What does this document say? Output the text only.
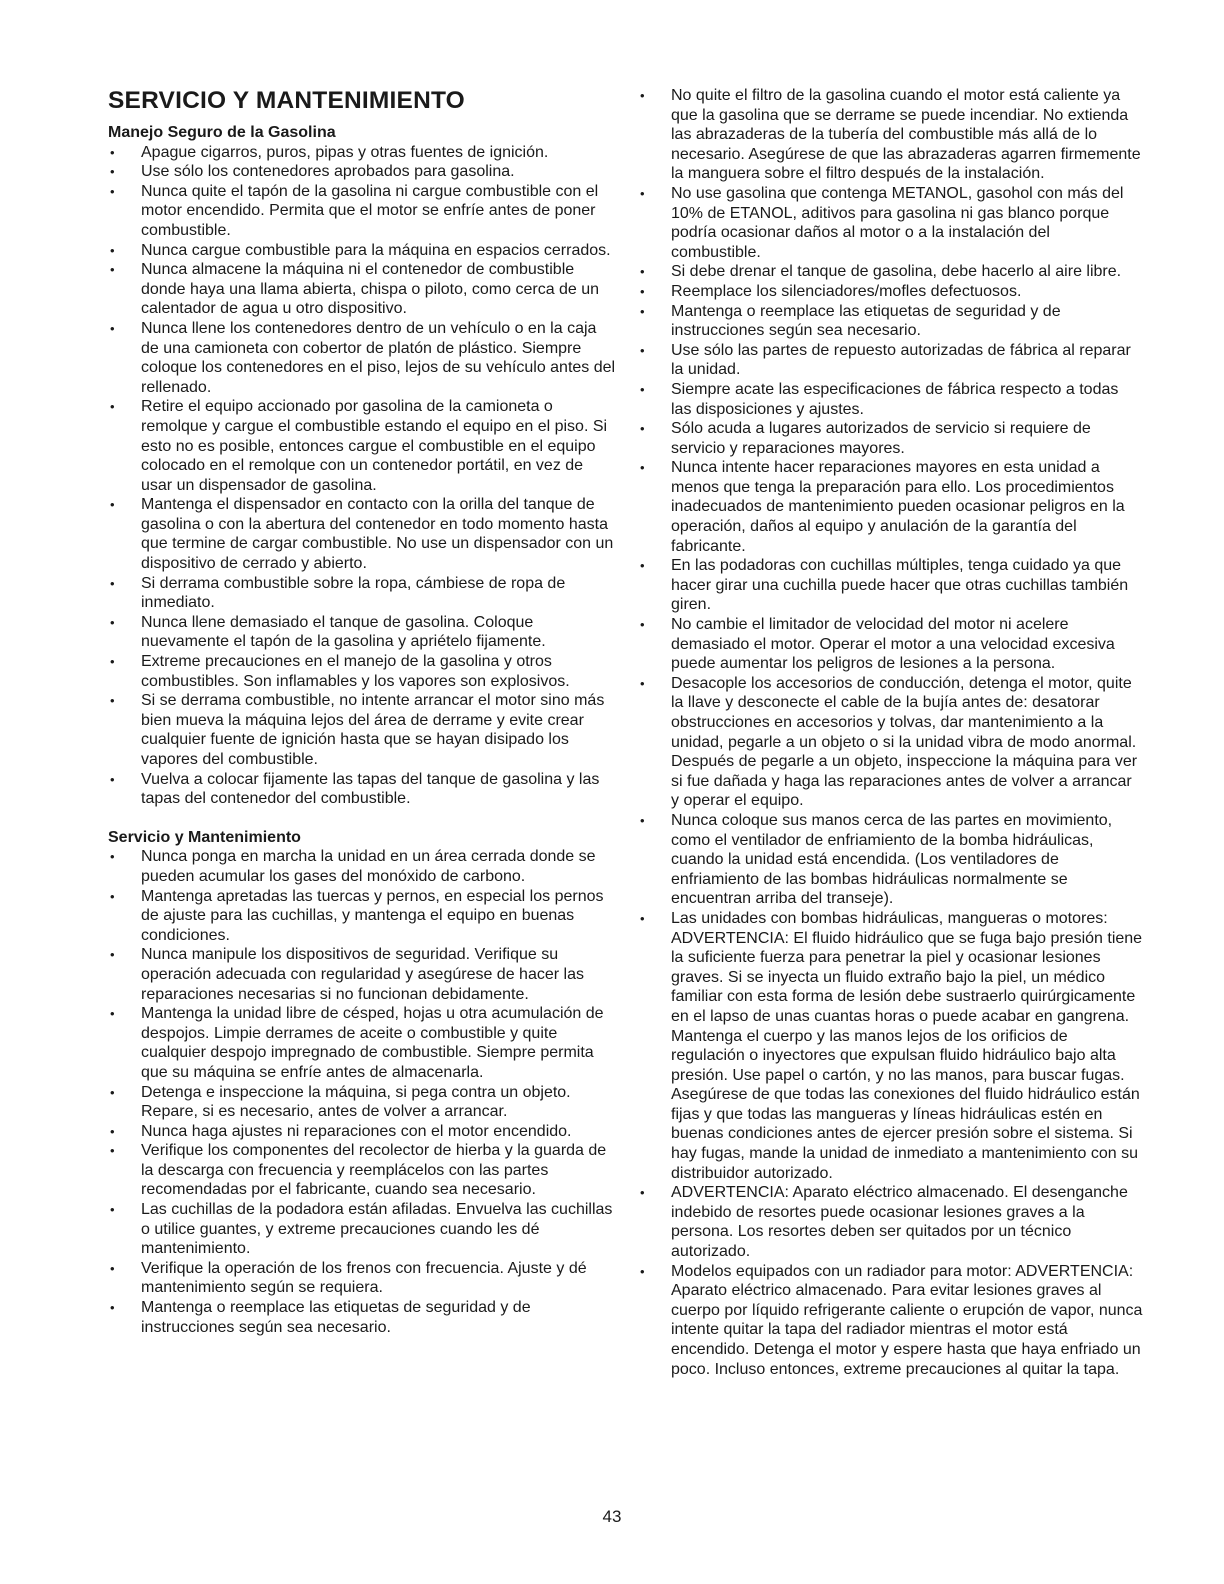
SERVICIO Y MANTENIMIENTO
Manejo Seguro de la Gasolina
• Apague cigarros, puros, pipas y otras fuentes de ignición.
• Use sólo los contenedores aprobados para gasolina.
• Nunca quite el tapón de la gasolina ni cargue combustible con el motor encendido. Permita que el motor se enfríe antes de poner combustible.
• Nunca cargue combustible para la máquina en espacios cerrados.
• Nunca almacene la máquina ni el contenedor de combustible donde haya una llama abierta, chispa o piloto, como cerca de un calentador de agua u otro dispositivo.
• Nunca llene los contenedores dentro de un vehículo o en la caja de una camioneta con cobertor de platón de plástico. Siempre coloque los contenedores en el piso, lejos de su vehículo antes del rellenado.
• Retire el equipo accionado por gasolina de la camioneta o remolque y cargue el combustible estando el equipo en el piso. Si esto no es posible, entonces cargue el combustible en el equipo colocado en el remolque con un contenedor portátil, en vez de usar un dispensador de gasolina.
• Mantenga el dispensador en contacto con la orilla del tanque de gasolina o con la abertura del contenedor en todo momento hasta que termine de cargar combustible. No use un dispensador con un dispositivo de cerrado y abierto.
• Si derrama combustible sobre la ropa, cámbiese de ropa de inmediato.
• Nunca llene demasiado el tanque de gasolina. Coloque nuevamente el tapón de la gasolina y apriételo fijamente.
• Extreme precauciones en el manejo de la gasolina y otros combustibles. Son inflamables y los vapores son explosivos.
• Si se derrama combustible, no intente arrancar el motor sino más bien mueva la máquina lejos del área de derrame y evite crear cualquier fuente de ignición hasta que se hayan disipado los vapores del combustible.
• Vuelva a colocar fijamente las tapas del tanque de gasolina y las tapas del contenedor del combustible.
Servicio y Mantenimiento
• Nunca ponga en marcha la unidad en un área cerrada donde se pueden acumular los gases del monóxido de carbono.
• Mantenga apretadas las tuercas y pernos, en especial los pernos de ajuste para las cuchillas, y mantenga el equipo en buenas condiciones.
• Nunca manipule los dispositivos de seguridad. Verifique su operación adecuada con regularidad y asegúrese de hacer las reparaciones necesarias si no funcionan debidamente.
• Mantenga la unidad libre de césped, hojas u otra acumulación de despojos. Limpie derrames de aceite o combustible y quite cualquier despojo impregnado de combustible. Siempre permita que su máquina se enfríe antes de almacenarla.
• Detenga e inspeccione la máquina, si pega contra un objeto. Repare, si es necesario, antes de volver a arrancar.
• Nunca haga ajustes ni reparaciones con el motor encendido.
• Verifique los componentes del recolector de hierba y la guarda de la descarga con frecuencia y reemplácelos con las partes recomendadas por el fabricante, cuando sea necesario.
• Las cuchillas de la podadora están afiladas. Envuelva las cuchillas o utilice guantes, y extreme precauciones cuando les dé mantenimiento.
• Verifique la operación de los frenos con frecuencia. Ajuste y dé mantenimiento según se requiera.
• Mantenga o reemplace las etiquetas de seguridad y de instrucciones según sea necesario.
• No quite el filtro de la gasolina cuando el motor está caliente ya que la gasolina que se derrame se puede incendiar. No extienda las abrazaderas de la tubería del combustible más allá de lo necesario. Asegúrese de que las abrazaderas agarren firmemente la manguera sobre el filtro después de la instalación.
• No use gasolina que contenga METANOL, gasohol con más del 10% de ETANOL, aditivos para gasolina ni gas blanco porque podría ocasionar daños al motor o a la instalación del combustible.
• Si debe drenar el tanque de gasolina, debe hacerlo al aire libre.
• Reemplace los silenciadores/mofles defectuosos.
• Mantenga o reemplace las etiquetas de seguridad y de instrucciones según sea necesario.
• Use sólo las partes de repuesto autorizadas de fábrica al reparar la unidad.
• Siempre acate las especificaciones de fábrica respecto a todas las disposiciones y ajustes.
• Sólo acuda a lugares autorizados de servicio si requiere de servicio y reparaciones mayores.
• Nunca intente hacer reparaciones mayores en esta unidad a menos que tenga la preparación para ello. Los procedimientos inadecuados de mantenimiento pueden ocasionar peligros en la operación, daños al equipo y anulación de la garantía del fabricante.
• En las podadoras con cuchillas múltiples, tenga cuidado ya que hacer girar una cuchilla puede hacer que otras cuchillas también giren.
• No cambie el limitador de velocidad del motor ni acelere demasiado el motor. Operar el motor a una velocidad excesiva puede aumentar los peligros de lesiones a la persona.
• Desacople los accesorios de conducción, detenga el motor, quite la llave y desconecte el cable de la bujía antes de: desatorar obstrucciones en accesorios y tolvas, dar mantenimiento a la unidad, pegarle a un objeto o si la unidad vibra de modo anormal. Después de pegarle a un objeto, inspeccione la máquina para ver si fue dañada y haga las reparaciones antes de volver a arrancar y operar el equipo.
• Nunca coloque sus manos cerca de las partes en movimiento, como el ventilador de enfriamiento de la bomba hidráulicas, cuando la unidad está encendida. (Los ventiladores de enfriamiento de las bombas hidráulicas normalmente se encuentran arriba del transeje).
• Las unidades con bombas hidráulicas, mangueras o motores: ADVERTENCIA: El fluido hidráulico que se fuga bajo presión tiene la suficiente fuerza para penetrar la piel y ocasionar lesiones graves. Si se inyecta un fluido extraño bajo la piel, un médico familiar con esta forma de lesión debe sustraerlo quirúrgicamente en el lapso de unas cuantas horas o puede acabar en gangrena. Mantenga el cuerpo y las manos lejos de los orificios de regulación o inyectores que expulsan fluido hidráulico bajo alta presión. Use papel o cartón, y no las manos, para buscar fugas. Asegúrese de que todas las conexiones del fluido hidráulico están fijas y que todas las mangueras y líneas hidráulicas estén en buenas condiciones antes de ejercer presión sobre el sistema. Si hay fugas, mande la unidad de inmediato a mantenimiento con su distribuidor autorizado.
• ADVERTENCIA: Aparato eléctrico almacenado. El desenganche indebido de resortes puede ocasionar lesiones graves a la persona. Los resortes deben ser quitados por un técnico autorizado.
• Modelos equipados con un radiador para motor: ADVERTENCIA: Aparato eléctrico almacenado. Para evitar lesiones graves al cuerpo por líquido refrigerante caliente o erupción de vapor, nunca intente quitar la tapa del radiador mientras el motor está encendido. Detenga el motor y espere hasta que haya enfriado un poco. Incluso entonces, extreme precauciones al quitar la tapa.
43
